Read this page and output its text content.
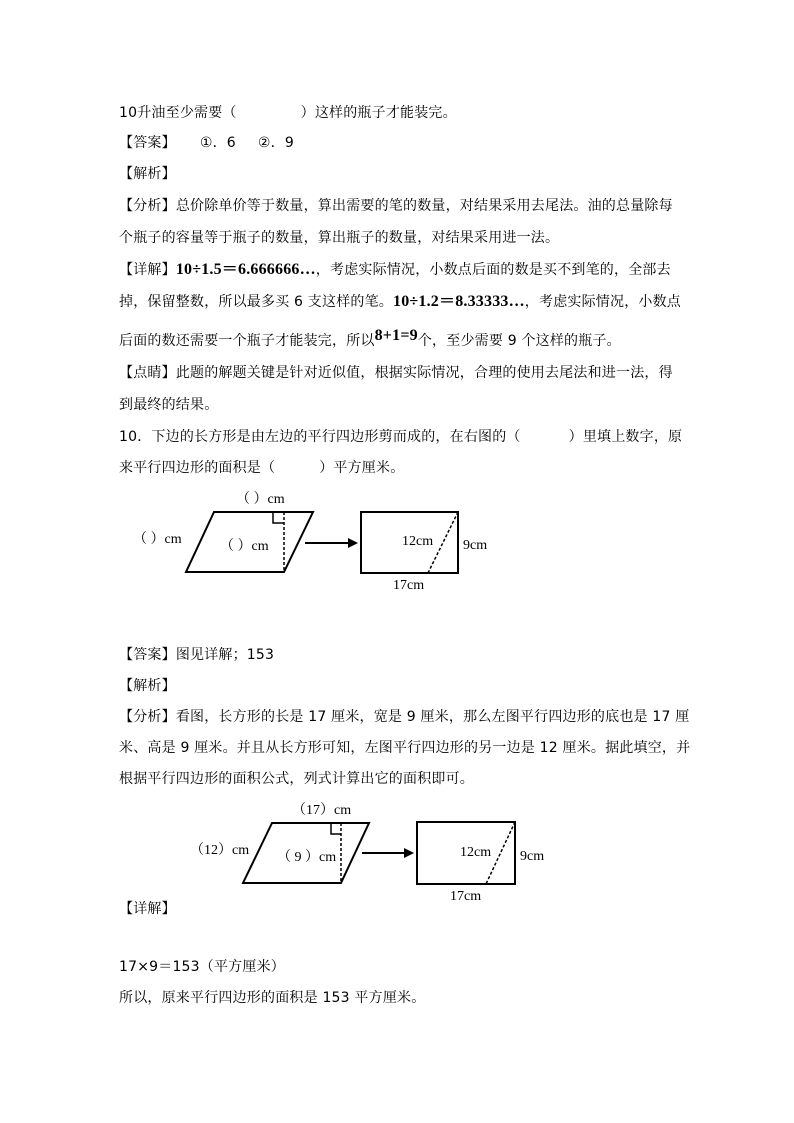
10升油至少需要（	）这样的瓶子才能装完。
【答案】 ①．6 ②．9
【解析】
【分析】总价除单价等于数量，算出需要的笔的数量，对结果采用去尾法。油的总量除每
个瓶子的容量等于瓶子的数量，算出瓶子的数量，对结果采用进一法。
【详解】10÷1.5＝6.666666…，考虑实际情况，小数点后面的数是买不到笔的，全部去
掉，保留整数，所以最多买 6 支这样的笔。10÷1.2＝8.33333…，考虑实际情况，小数点
后面的数还需要一个瓶子才能装完，所以8+1=9个，至少需要 9 个这样的瓶子。
【点睛】此题的解题关键是针对近似值，根据实际情况，合理的使用去尾法和进一法，得
到最终的结果。
10．下边的长方形是由左边的平行四边形剪而成的，在右图的（	）里填上数字，原
来平行四边形的面积是（	）平方厘米。
（ ）cm
（ ）cm	（ ）cm	12cm 9cm
17cm
（17）cm
（12）cm （ 9 ）cm	12cm 9cm
17cm
【答案】图见详解；153
【解析】
【分析】看图，长方形的长是 17 厘米，宽是 9 厘米，那么左图平行四边形的底也是 17 厘
米、高是 9 厘米。并且从长方形可知，左图平行四边形的另一边是 12 厘米。据此填空，并
根据平行四边形的面积公式，列式计算出它的面积即可。
【详解】
17×9＝153（平方厘米）
所以，原来平行四边形的面积是 153 平方厘米。
